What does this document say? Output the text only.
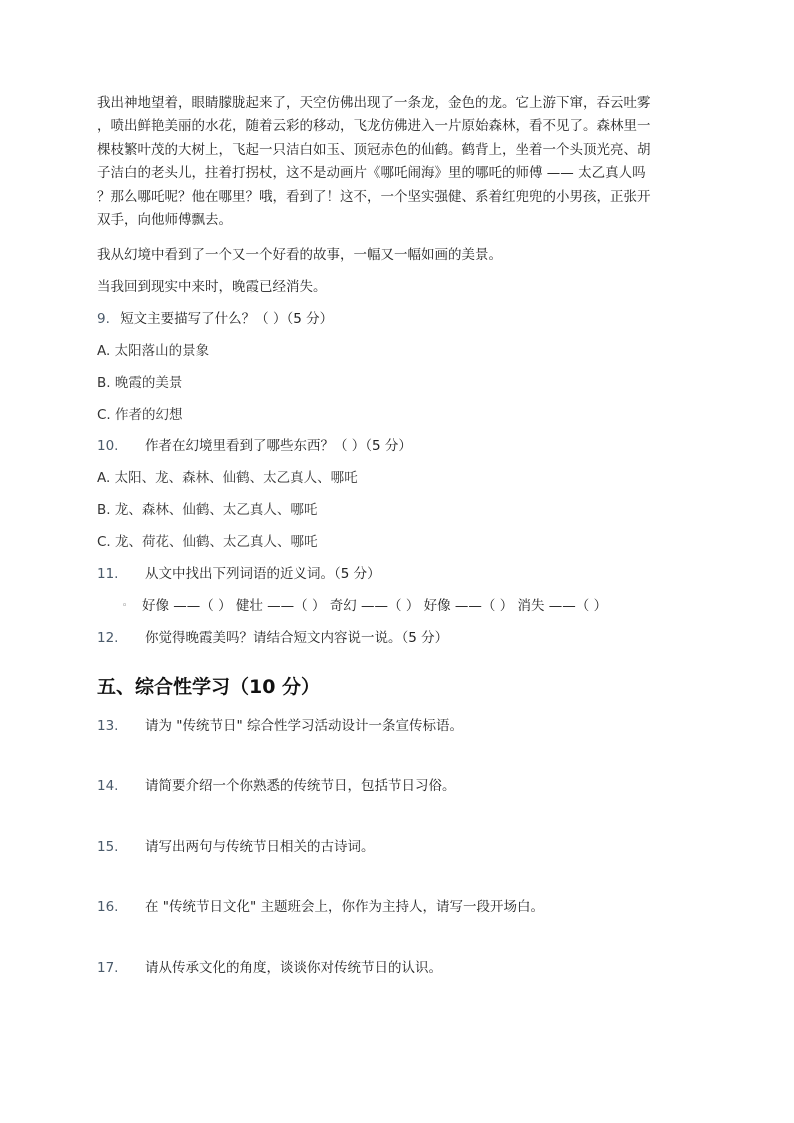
我出神地望着，眼睛朦胧起来了，天空仿佛出现了一条龙，金色的龙。它上游下窜，吞云吐雾

，喷出鲜艳美丽的水花，随着云彩的移动，飞龙仿佛进入一片原始森林，看不见了。森林里一

棵枝繁叶茂的大树上，飞起一只洁白如玉、顶冠赤色的仙鹤。鹤背上，坐着一个头顶光亮、胡

子洁白的老头儿，拄着打拐杖，这不是动画片《哪吒闹海》里的哪吒的师傅 —— 太乙真人吗

？那么哪吒呢？他在哪里？哦，看到了！这不，一个坚实强健、系着红兜兜的小男孩，正张开

双手，向他师傅飘去。

我从幻境中看到了一个又一个好看的故事，一幅又一幅如画的美景。
当我回到现实中来时，晚霞已经消失。
9. 短文主要描写了什么？（ ）（5 分）
A. 太阳落山的景象
B. 晚霞的美景
C. 作者的幻想
10. 作者在幻境里看到了哪些东西？（ ）（5 分）
A. 太阳、龙、森林、仙鹤、太乙真人、哪吒
B. 龙、森林、仙鹤、太乙真人、哪吒
C. 龙、荷花、仙鹤、太乙真人、哪吒
11. 从文中找出下列词语的近义词。（5 分）
◦ 好像 ——（ ） 健壮 ——（ ） 奇幻 ——（ ） 好像 ——（ ） 消失 ——（ ）
12. 你觉得晚霞美吗？请结合短文内容说一说。（5 分）
五、综合性学习（10 分）
13. 请为 "传统节日" 综合性学习活动设计一条宣传标语。
14. 请简要介绍一个你熟悉的传统节日，包括节日习俗。
15. 请写出两句与传统节日相关的古诗词。
16. 在 "传统节日文化" 主题班会上，你作为主持人，请写一段开场白。
17. 请从传承文化的角度，谈谈你对传统节日的认识。
